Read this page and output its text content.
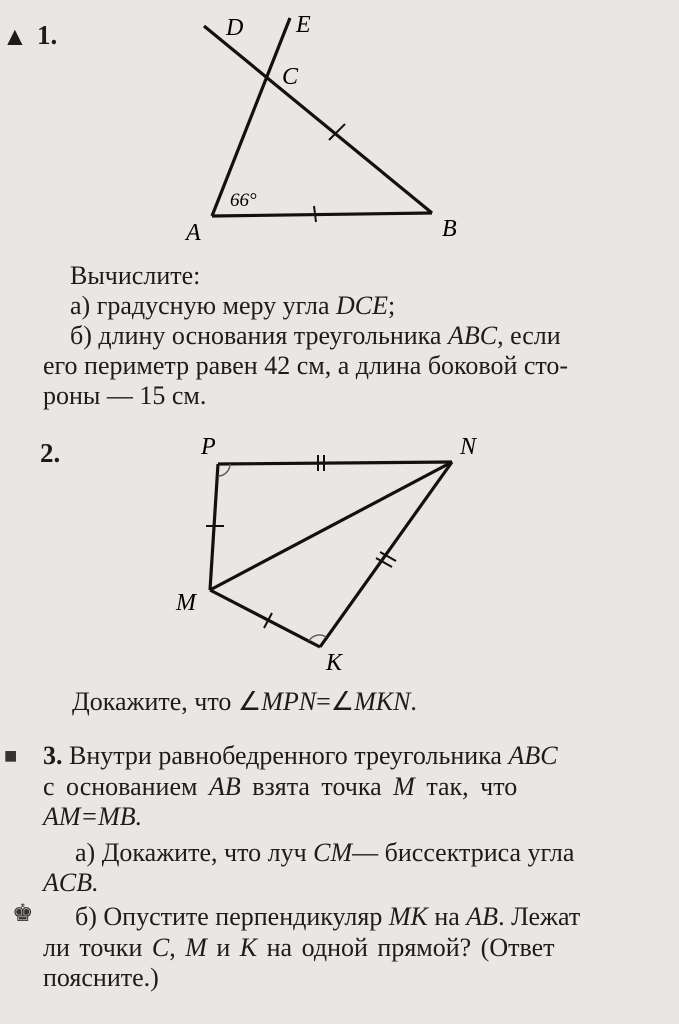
▲ 1.	D E
C
A	B
66°
Вычислите:
а) градусную меру угла DCE;
б) длину основания треугольника ABC, если
его периметр равен 42 см, а длина боковой сто-
роны — 15 см.
2.	P	N
M
K
Докажите, что ∠MPN=∠MKN.
■ 3. Внутри равнобедренного треугольника ABC
с основанием AB взята точка M так, что
AM=MB.
а) Докажите, что луч CM— биссектриса угла
ACB.
♚ б) Опустите перпендикуляр MK на AB. Лежат
ли точки C, M и K на одной прямой? (Ответ
поясните.)
